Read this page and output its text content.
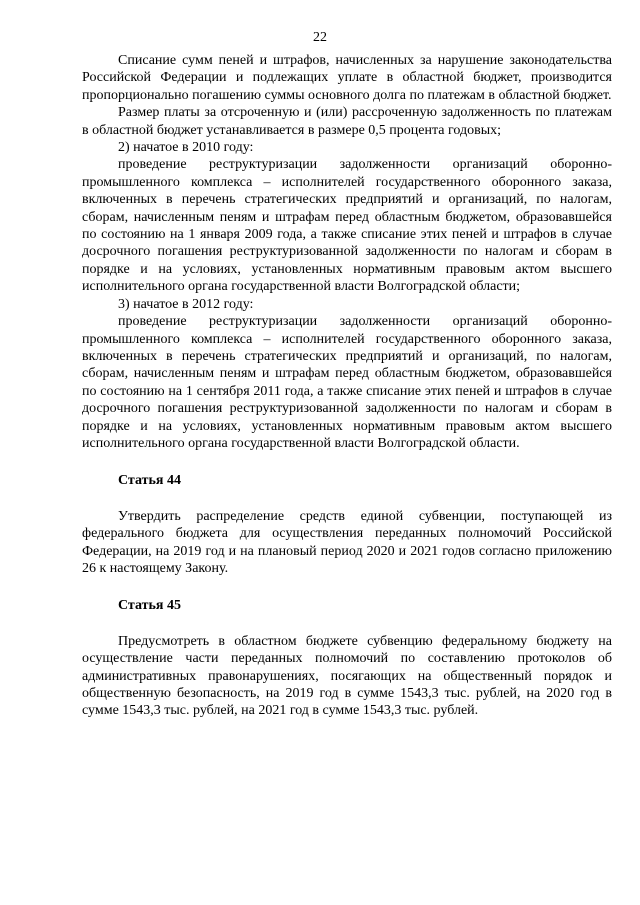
22

Списание сумм пеней и штрафов, начисленных за нарушение законодательства Российской Федерации и подлежащих уплате в областной бюджет, производится пропорционально погашению суммы основного долга по платежам в областной бюджет.

Размер платы за отсроченную и (или) рассроченную задолженность по платежам в областной бюджет устанавливается в размере 0,5 процента годовых;

2) начатое в 2010 году:

проведение реструктуризации задолженности организаций оборонно-промышленного комплекса – исполнителей государственного оборонного заказа, включенных в перечень стратегических предприятий и организаций, по налогам, сборам, начисленным пеням и штрафам перед областным бюджетом, образовавшейся по состоянию на 1 января 2009 года, а также списание этих пеней и штрафов в случае досрочного погашения реструктуризованной задолженности по налогам и сборам в порядке и на условиях, установленных нормативным правовым актом высшего исполнительного органа государственной власти Волгоградской области;

3) начатое в 2012 году:

проведение реструктуризации задолженности организаций оборонно-промышленного комплекса – исполнителей государственного оборонного заказа, включенных в перечень стратегических предприятий и организаций, по налогам, сборам, начисленным пеням и штрафам перед областным бюджетом, образовавшейся по состоянию на 1 сентября 2011 года, а также списание этих пеней и штрафов в случае досрочного погашения реструктуризованной задолженности по налогам и сборам в порядке и на условиях, установленных нормативным правовым актом высшего исполнительного органа государственной власти Волгоградской области.

Статья 44

Утвердить распределение средств единой субвенции, поступающей из федерального бюджета для осуществления переданных полномочий Российской Федерации, на 2019 год и на плановый период 2020 и 2021 годов согласно приложению 26 к настоящему Закону.

Статья 45

Предусмотреть в областном бюджете субвенцию федеральному бюджету на осуществление части переданных полномочий по составлению протоколов об административных правонарушениях, посягающих на общественный порядок и общественную безопасность, на 2019 год в сумме 1543,3 тыс. рублей, на 2020 год в сумме 1543,3 тыс. рублей, на 2021 год в сумме 1543,3 тыс. рублей.
